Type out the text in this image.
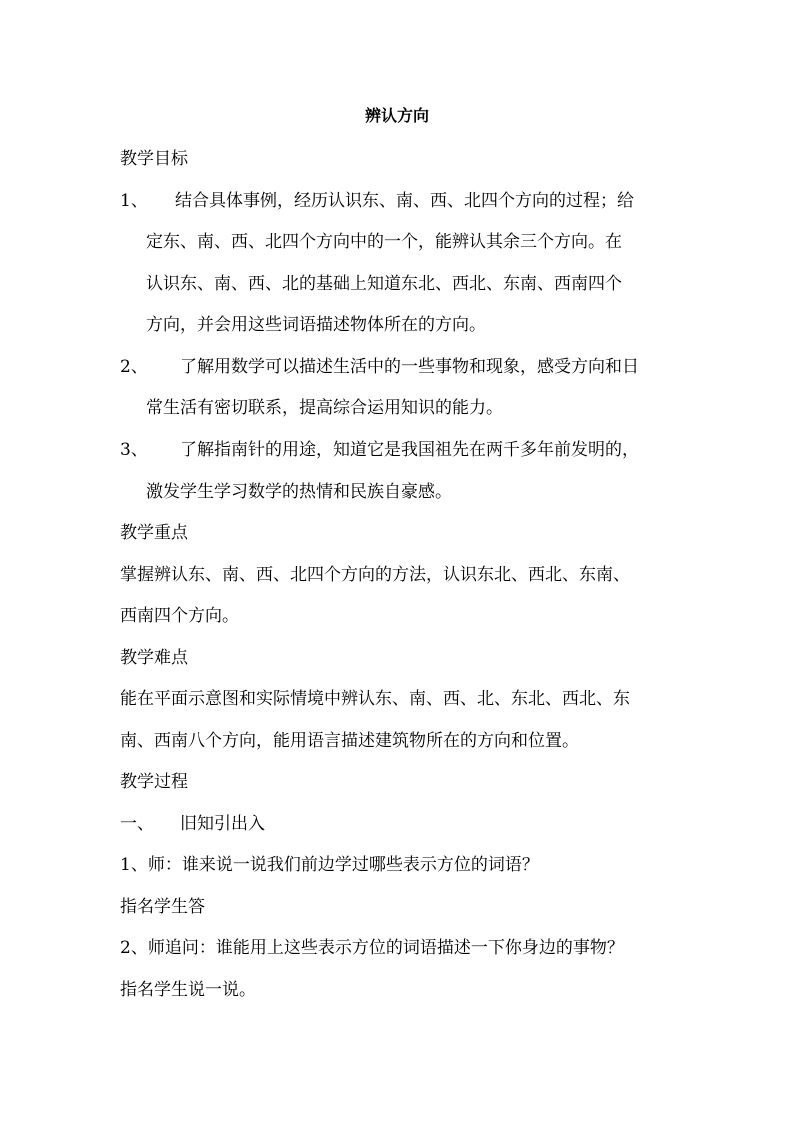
辨认方向
教学目标
1、 结合具体事例，经历认识东、南、西、北四个方向的过程；给
定东、南、西、北四个方向中的一个，能辨认其余三个方向。在
认识东、南、西、北的基础上知道东北、西北、东南、西南四个
方向，并会用这些词语描述物体所在的方向。
2、 了解用数学可以描述生活中的一些事物和现象，感受方向和日
常生活有密切联系，提高综合运用知识的能力。
3、 了解指南针的用途，知道它是我国祖先在两千多年前发明的，
激发学生学习数学的热情和民族自豪感。
教学重点
掌握辨认东、南、西、北四个方向的方法，认识东北、西北、东南、
西南四个方向。
教学难点
能在平面示意图和实际情境中辨认东、南、西、北、东北、西北、东
南、西南八个方向，能用语言描述建筑物所在的方向和位置。
教学过程
一、 旧知引出入
1、师：谁来说一说我们前边学过哪些表示方位的词语？
指名学生答
2、师追问：谁能用上这些表示方位的词语描述一下你身边的事物？
指名学生说一说。
